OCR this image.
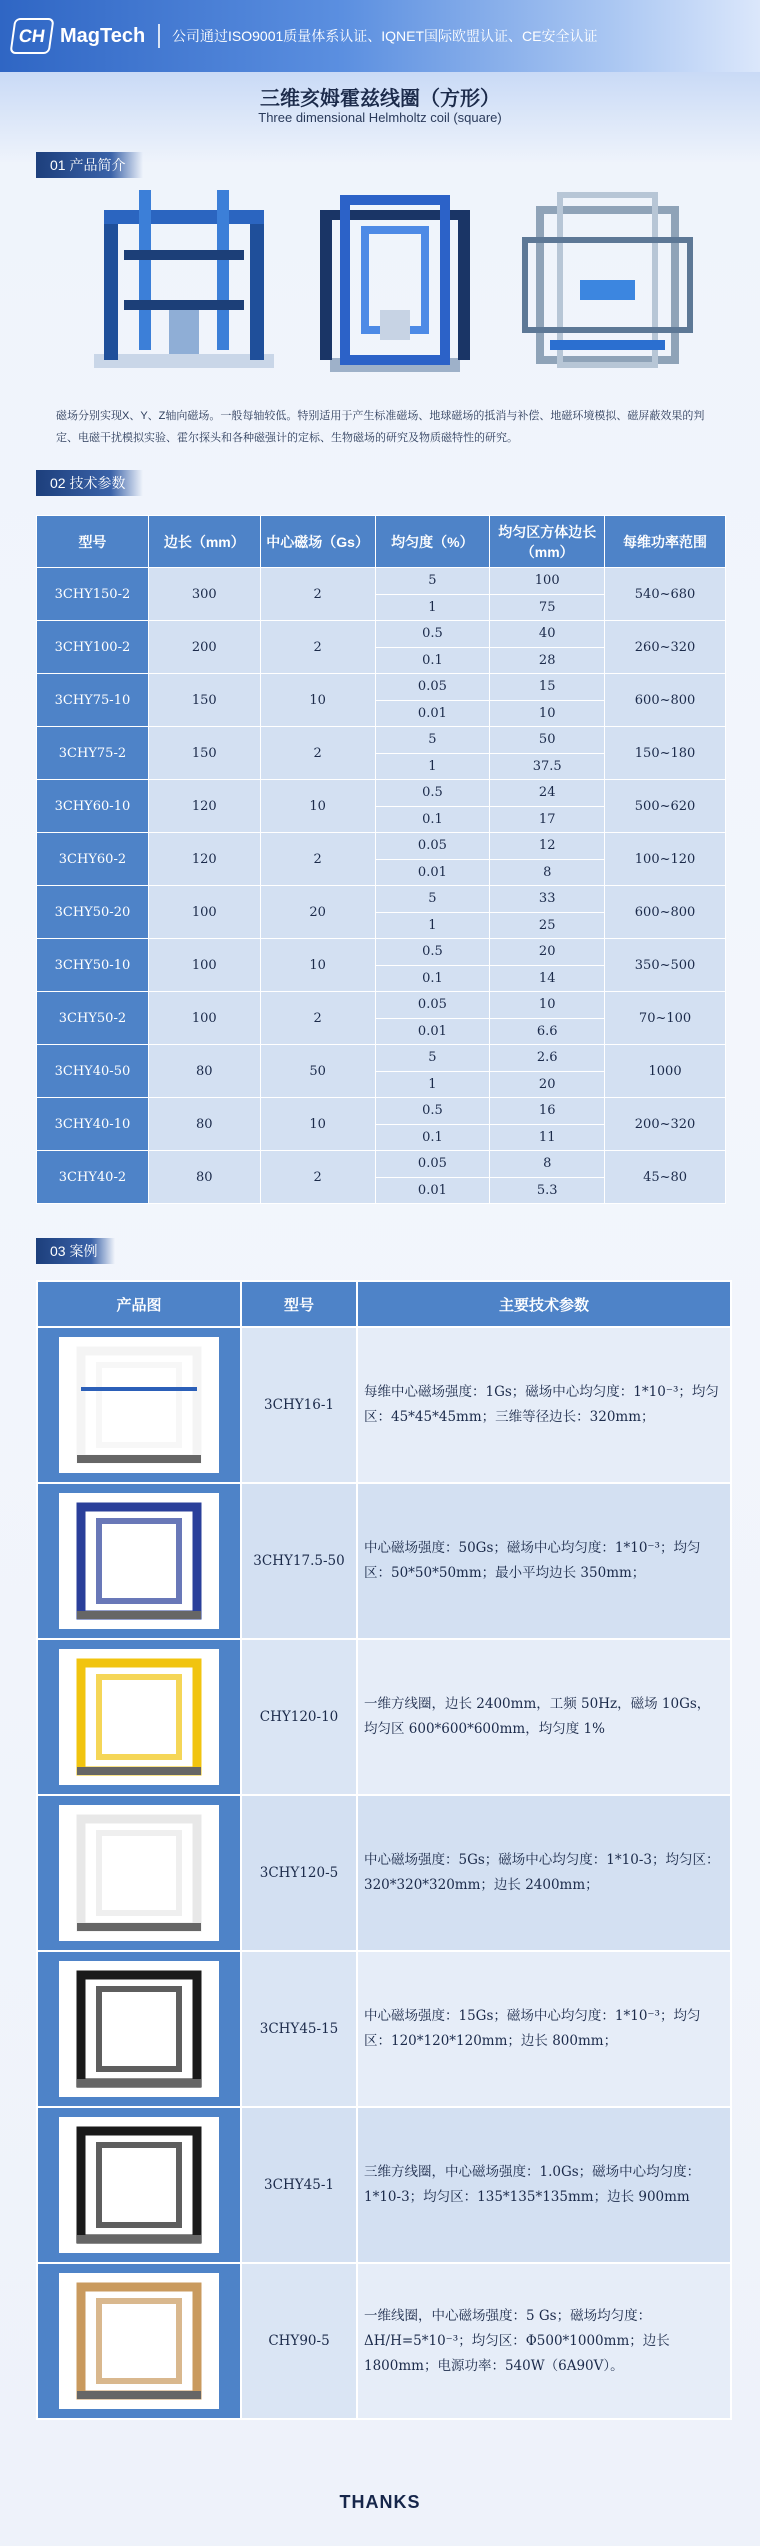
CH MagTech 公司通过ISO9001质量体系认证、IQNET国际欧盟认证、CE安全认证
三维亥姆霍兹线圈（方形）
Three dimensional Helmholtz coil (square)
01 产品简介
磁场分别实现X、Y、Z轴向磁场。一般每轴较低。特别适用于产生标准磁场、地球磁场的抵消与补偿、地磁环境模拟、磁屏蔽效果的判定、电磁干扰模拟实验、霍尔探头和各种磁强计的定标、生物磁场的研究及物质磁特性的研究。
02 技术参数
型号	边长（mm）	中心磁场（Gs）	均匀度（%）	均匀区方体边长（mm）	每维功率范围
3CHY150-2	300	2	5	100	540~680
			1	75	
3CHY100-2	200	2	0.5	40	260~320
			0.1	28	
3CHY75-10	150	10	0.05	15	600~800
			0.01	10	
3CHY75-2	150	2	5	50	150~180
			1	37.5	
3CHY60-10	120	10	0.5	24	500~620
			0.1	17	
3CHY60-2	120	2	0.05	12	100~120
			0.01	8	
3CHY50-20	100	20	5	33	600~800
			1	25	
3CHY50-10	100	10	0.5	20	350~500
			0.1	14	
3CHY50-2	100	2	0.05	10	70~100
			0.01	6.6	
3CHY40-50	80	50	5	2.6	1000
			1	20	
3CHY40-10	80	10	0.5	16	200~320
			0.1	11	
3CHY40-2	80	2	0.05	8	45~80
			0.01	5.3	
03 案例
产品图	型号	主要技术参数

	3CHY16-1	每维中心磁场强度：1Gs；磁场中心均匀度：1*10⁻³；均匀区：45*45*45mm；三维等径边长：320mm；

	3CHY17.5-50	中心磁场强度：50Gs；磁场中心均匀度：1*10⁻³；均匀区：50*50*50mm；最小平均边长 350mm；

	CHY120-10	一维方线圈，边长 2400mm，工频 50Hz，磁场 10Gs，均匀区 600*600*600mm，均匀度 1%

	3CHY120-5	中心磁场强度：5Gs；磁场中心均匀度：1*10-3；均匀区：320*320*320mm；边长 2400mm；

	3CHY45-15	中心磁场强度：15Gs；磁场中心均匀度：1*10⁻³；均匀区：120*120*120mm；边长 800mm；

	3CHY45-1	三维方线圈，中心磁场强度：1.0Gs；磁场中心均匀度：1*10-3；均匀区：135*135*135mm；边长 900mm

	CHY90-5	一维线圈，中心磁场强度：5 Gs；磁场均匀度：ΔH/H=5*10⁻³；均匀区：Φ500*1000mm；边长 1800mm；电源功率：540W（6A90V）。
THANKS
